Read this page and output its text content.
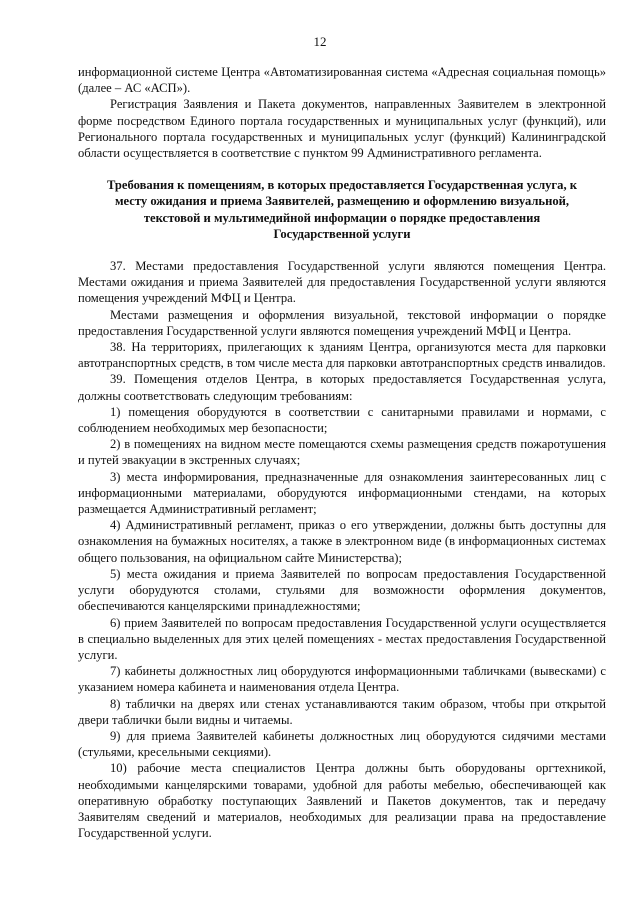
12

информационной системе Центра «Автоматизированная система «Адресная социальная помощь» (далее – АС «АСП»).

Регистрация Заявления и Пакета документов, направленных Заявителем в электронной форме посредством Единого портала государственных и муниципальных услуг (функций), или Регионального портала государственных и муниципальных услуг (функций) Калининградской области осуществляется в соответствие с пунктом 99 Административного регламента.

Требования к помещениям, в которых предоставляется Государственная услуга, к месту ожидания и приема Заявителей, размещению и оформлению визуальной, текстовой и мультимедийной информации о порядке предоставления Государственной услуги

37. Местами предоставления Государственной услуги являются помещения Центра. Местами ожидания и приема Заявителей для предоставления Государственной услуги являются помещения учреждений МФЦ и Центра.

Местами размещения и оформления визуальной, текстовой информации о порядке предоставления Государственной услуги являются помещения учреждений МФЦ и Центра.

38. На территориях, прилегающих к зданиям Центра, организуются места для парковки автотранспортных средств, в том числе места для парковки автотранспортных средств инвалидов.

39. Помещения отделов Центра, в которых предоставляется Государственная услуга, должны соответствовать следующим требованиям:

1) помещения оборудуются в соответствии с санитарными правилами и нормами, с соблюдением необходимых мер безопасности;

2) в помещениях на видном месте помещаются схемы размещения средств пожаротушения и путей эвакуации в экстренных случаях;

3) места информирования, предназначенные для ознакомления заинтересованных лиц с информационными материалами, оборудуются информационными стендами, на которых размещается Административный регламент;

4) Административный регламент, приказ о его утверждении, должны быть доступны для ознакомления на бумажных носителях, а также в электронном виде (в информационных системах общего пользования, на официальном сайте Министерства);

5) места ожидания и приема Заявителей по вопросам предоставления Государственной услуги оборудуются столами, стульями для возможности оформления документов, обеспечиваются канцелярскими принадлежностями;

6) прием Заявителей по вопросам предоставления Государственной услуги осуществляется в специально выделенных для этих целей помещениях - местах предоставления Государственной услуги.

7) кабинеты должностных лиц оборудуются информационными табличками (вывесками) с указанием номера кабинета и наименования отдела Центра.

8) таблички на дверях или стенах устанавливаются таким образом, чтобы при открытой двери таблички были видны и читаемы.

9) для приема Заявителей кабинеты должностных лиц оборудуются сидячими местами (стульями, кресельными секциями).

10) рабочие места специалистов Центра должны быть оборудованы оргтехникой, необходимыми канцелярскими товарами, удобной для работы мебелью, обеспечивающей как оперативную обработку поступающих Заявлений и Пакетов документов, так и передачу Заявителям сведений и материалов, необходимых для реализации права на предоставление Государственной услуги.
